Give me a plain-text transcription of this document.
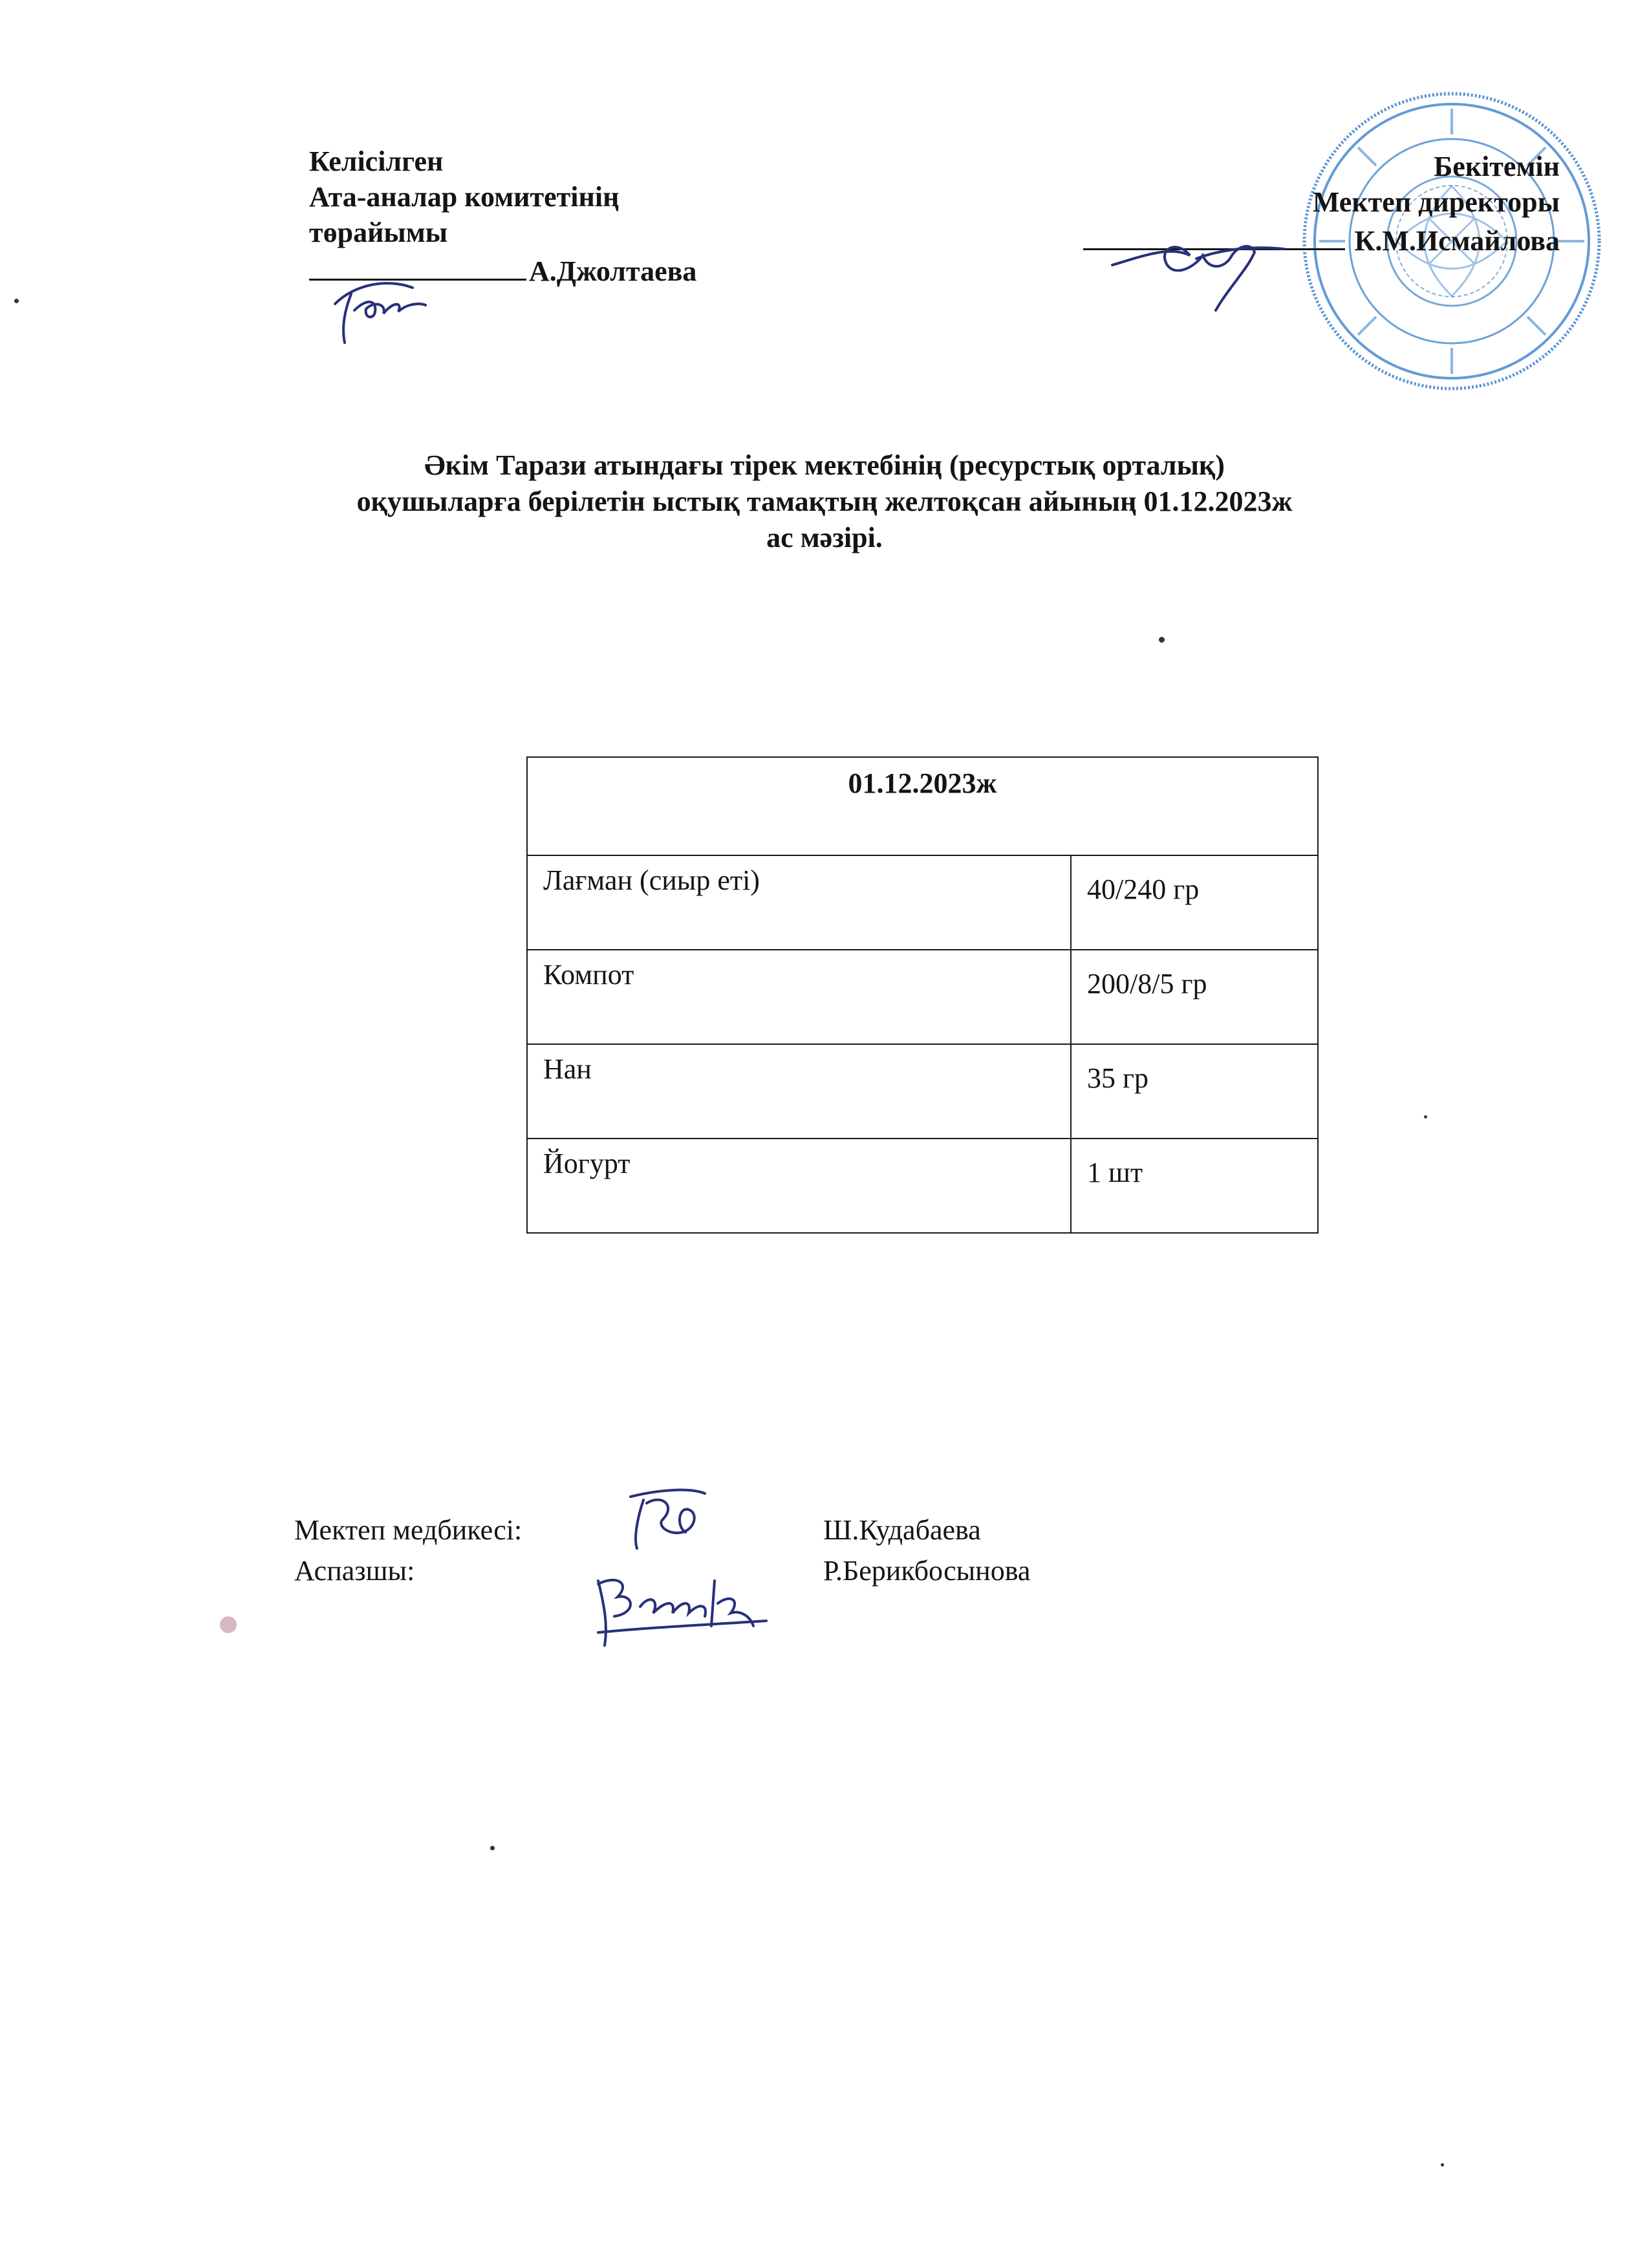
Келісілген
Ата-аналар комитетінің
төрайымы
А.Джолтаева
Бекітемін
Мектеп директоры
К.М.Исмайлова
Әкім Тарази атындағы тірек мектебінің (ресурстық орталық)
оқушыларға берілетін ыстық тамақтың желтоқсан айының 01.12.2023ж
ас мәзірі.
01.12.2023ж	
Лағман (сиыр еті)	40/240 гр
Компот	200/8/5 гр
Нан	35 гр
Йогурт	1 шт
Мектеп медбикесі:	Ш.Кудабаева
Аспазшы:	Р.Берикбосынова
